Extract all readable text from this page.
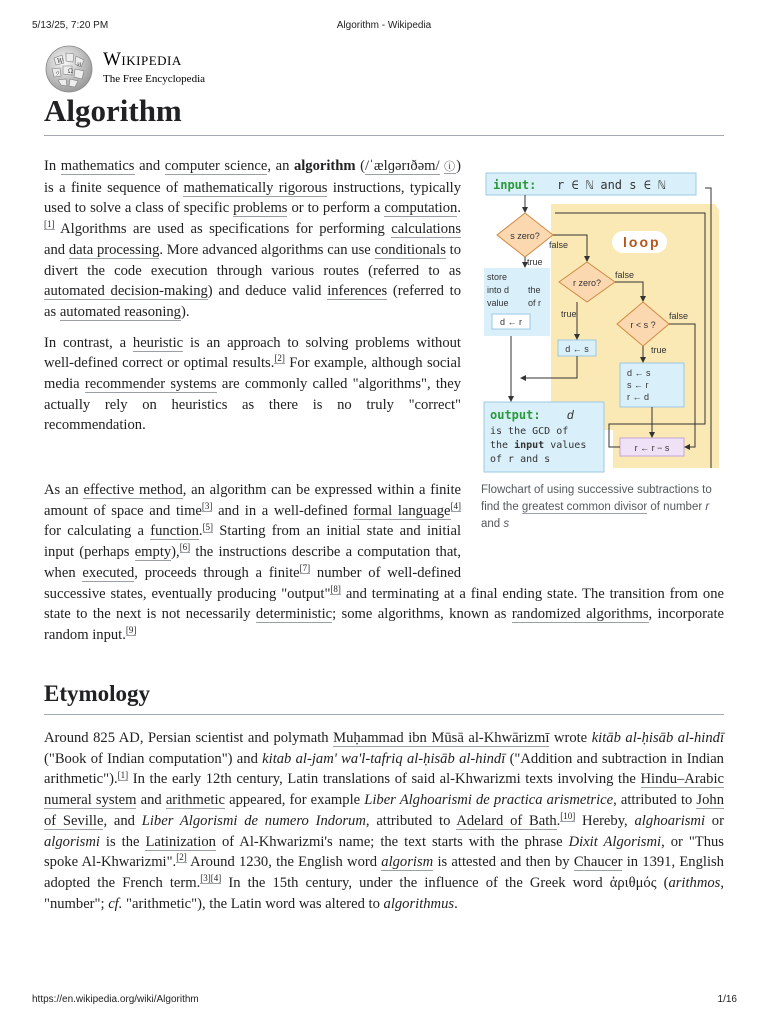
5/13/25, 7:20 PM	Algorithm - Wikipedia
W
Ω
И
ウ
Wikipedia
The Free Encyclopedia
Algorithm
input: r ∈ ℕ and s ∈ ℕ
loop
s zero?
false
true
store
into d
value
the
of r
d ← r
r zero?
false
true
d ← s
r < s ?
false
true
d ← s
s ← r
r ← d
r ← r − s
output: d
is the GCD of
the input values
of r and s
Flowchart of using successive subtractions to find the greatest common divisor of number r and s

In mathematics and computer science, an algorithm (/ˈælɡərɪðəm/ ⓘ) is a finite sequence of mathematically rigorous instructions, typically used to solve a class of specific problems or to perform a computation.[1] Algorithms are used as specifications for performing calculations and data processing. More advanced algorithms can use conditionals to divert the code execution through various routes (referred to as automated decision-making) and deduce valid inferences (referred to as automated reasoning).

In contrast, a heuristic is an approach to solving problems without well-defined correct or optimal results.[2] For example, although social media recommender systems are commonly called "algorithms", they actually rely on heuristics as there is no truly "correct" recommendation.

As an effective method, an algorithm can be expressed within a finite amount of space and time[3] and in a well-defined formal language[4] for calculating a function.[5] Starting from an initial state and initial input (perhaps empty),[6] the instructions describe a computation that, when executed, proceeds through a finite[7] number of well-defined successive states, eventually producing "output"[8] and terminating at a final ending state. The transition from one state to the next is not necessarily deterministic; some algorithms, known as randomized algorithms, incorporate random input.[9]

Etymology

Around 825 AD, Persian scientist and polymath Muḥammad ibn Mūsā al-Khwārizmī wrote kitāb al-ḥisāb al-hindī ("Book of Indian computation") and kitab al-jam' wa'l-tafriq al-ḥisāb al-hindī ("Addition and subtraction in Indian arithmetic").[1] In the early 12th century, Latin translations of said al-Khwarizmi texts involving the Hindu–Arabic numeral system and arithmetic appeared, for example Liber Alghoarismi de practica arismetrice, attributed to John of Seville, and Liber Algorismi de numero Indorum, attributed to Adelard of Bath.[10] Hereby, alghoarismi or algorismi is the Latinization of Al-Khwarizmi's name; the text starts with the phrase Dixit Algorismi, or "Thus spoke Al-Khwarizmi".[2] Around 1230, the English word algorism is attested and then by Chaucer in 1391, English adopted the French term.[3][4] In the 15th century, under the influence of the Greek word ἀριθμός (arithmos, "number"; cf. "arithmetic"), the Latin word was altered to algorithmus.

https://en.wikipedia.org/wiki/Algorithm	1/16
